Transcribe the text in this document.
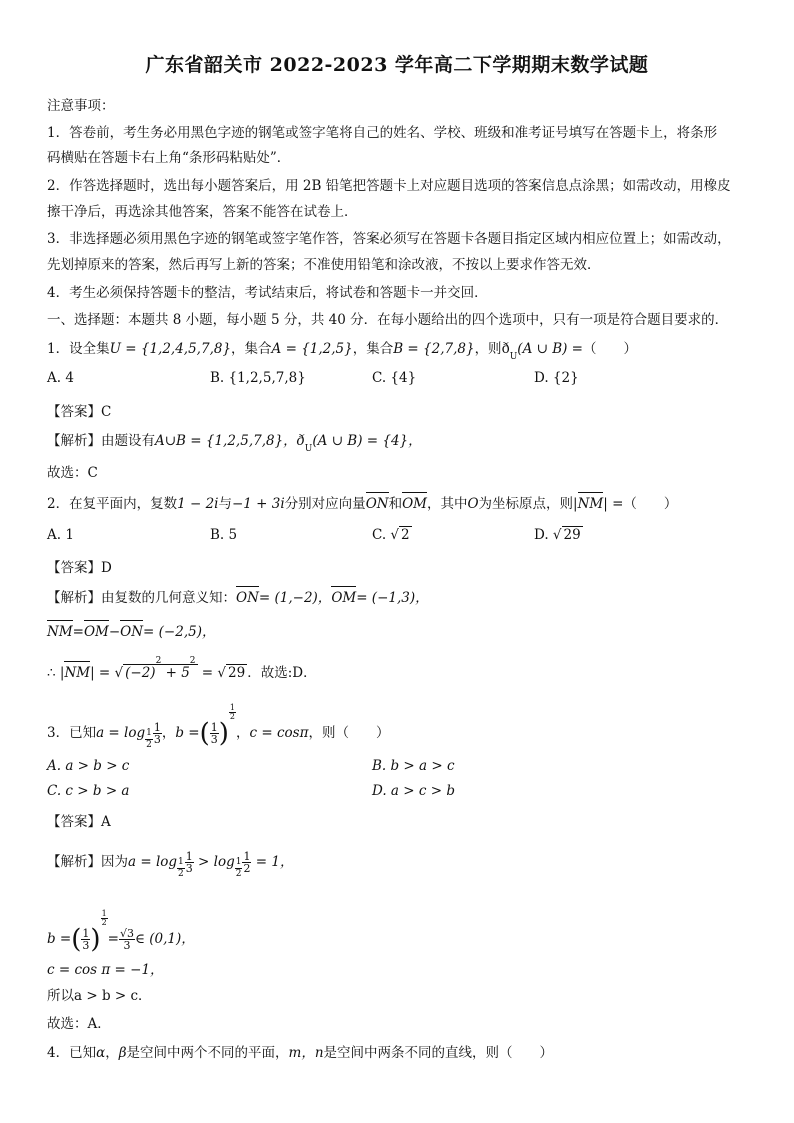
广东省韶关市 2022-2023 学年高二下学期期末数学试题
注意事项：
1．答卷前，考生务必用黑色字迹的钢笔或签字笔将自己的姓名、学校、班级和准考证号填写在答题卡上，将条形
码横贴在答题卡右上角“条形码粘贴处”．
2．作答选择题时，选出每小题答案后，用 2B 铅笔把答题卡上对应题目选项的答案信息点涂黑；如需改动，用橡皮
擦干净后，再选涂其他答案，答案不能答在试卷上．
3．非选择题必须用黑色字迹的钢笔或签字笔作答，答案必须写在答题卡各题目指定区域内相应位置上；如需改动，
先划掉原来的答案，然后再写上新的答案；不准使用铅笔和涂改液，不按以上要求作答无效．
4．考生必须保持答题卡的整洁，考试结束后，将试卷和答题卡一并交回．
一、选择题：本题共 8 小题，每小题 5 分，共 40 分．在每小题给出的四个选项中，只有一项是符合题目要求的．
1．设全集U = {1,2,4,5,7,8}，集合A = {1,2,5}，集合B = {2,7,8}，则$ð_U(A$ ∪ B) =（　　）
A. 4	B. {1,2,5,7,8}	C. {4}	D. {2}
【答案】C
【解析】由题设有A∪B = {1,2,5,7,8}，$ð_U(A$ ∪ B) = {4}，
故选：C
2．在复平面内，复数1 − 2i与−1 + 3i分别对应向量ON和OM，其中O为坐标原点，则|NM| =（　　）
A. 1	B. 5	C. √ 2	D. √ 29
【答案】D
【解析】由复数的几何意义知：ON= (1,−2)，OM= (−1,3)，
NM=OM−ON= (−2,5)，
∴ |NM| = √ $(-2)^2 + 5^2$ = √ 29 ．故选:D．
3．已知$a = \log \frac{1}{2} \frac{1}{3}$ ，b =( $\frac{1}{3}$ )
$\frac{1}{2}$
，c = cosπ，则（　　）
A. a > b > c	B. b > a > c
C. c > b > a	D. a > c > b
【答案】A
【解析】因为$a = \log \frac{1}{2} \frac{1}{3} > \log \frac{1}{2} \frac{1}{2} = 1$，
b =( $\frac{1}{3}$ )
$\frac{1}{2}$
= $\frac{√3}{3}$ ∈ (0,1)，
c = cos π = −1，
所以a > b > c．
故选：A．
4．已知α，β是空间中两个不同的平面，m，n是空间中两条不同的直线，则（　　）
